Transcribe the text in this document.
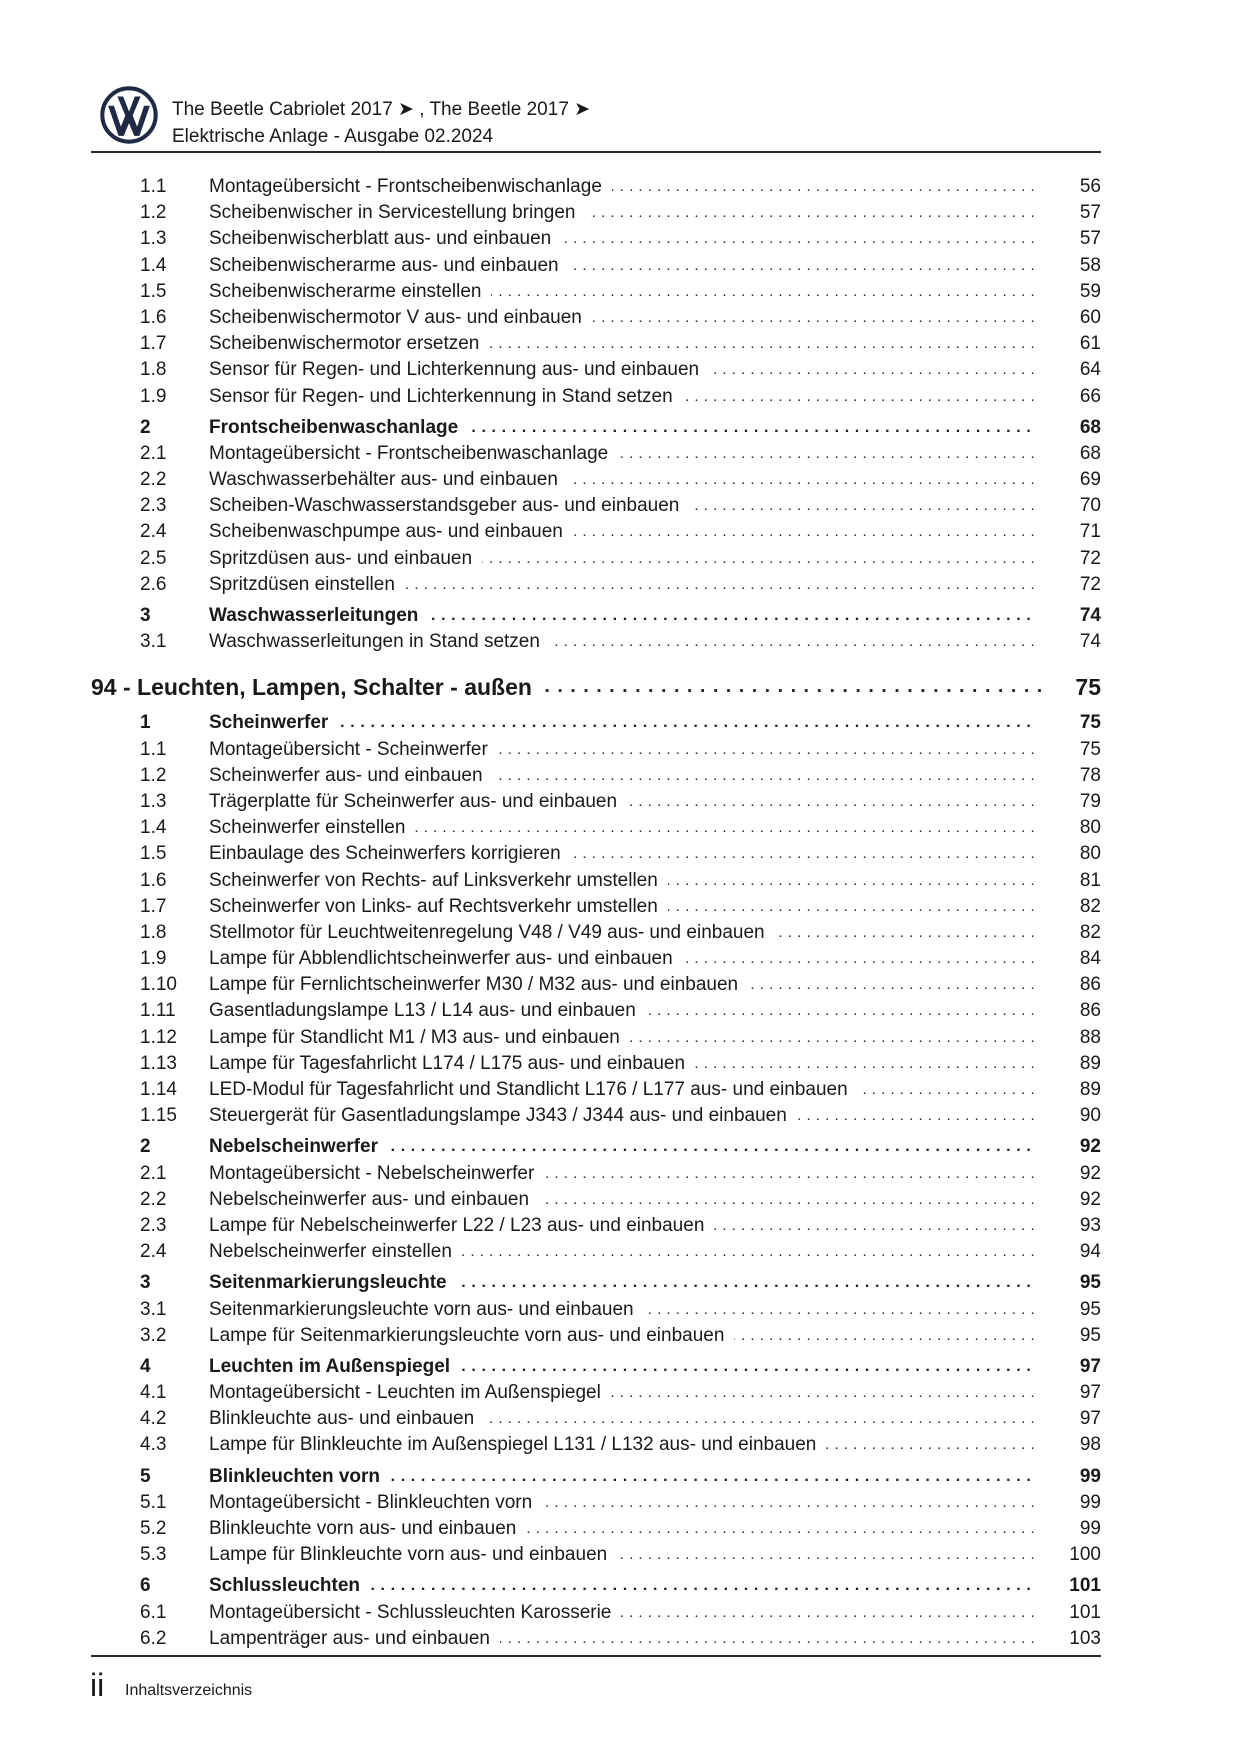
The Beetle Cabriolet 2017 ➤ , The Beetle 2017 ➤
Elektrische Anlage - Ausgabe 02.2024
1.1 Montageübersicht - Frontscheibenwischanlage . . .	56
1.2 Scheibenwischer in Servicestellung bringen . . .	57
1.3 Scheibenwischerblatt aus- und einbauen . . .	57
1.4 Scheibenwischerarme aus- und einbauen . . .	58
1.5 Scheibenwischerarme einstellen . . .	59
1.6 Scheibenwischermotor V aus- und einbauen . . .	60
1.7 Scheibenwischermotor ersetzen . . .	61
1.8 Sensor für Regen- und Lichterkennung aus- und einbauen . . .	64
1.9 Sensor für Regen- und Lichterkennung in Stand setzen . . .	66
2	Frontscheibenwaschanlage . . .	68
2.1 Montageübersicht - Frontscheibenwaschanlage . . .	68
2.2 Waschwasserbehälter aus- und einbauen . . .	69
2.3 Scheiben-Waschwasserstandsgeber aus- und einbauen . . .	70
2.4 Scheibenwaschpumpe aus- und einbauen . . .	71
2.5 Spritzdüsen aus- und einbauen . . .	72
2.6 Spritzdüsen einstellen . . .	72
3	Waschwasserleitungen . . .	74
3.1 Waschwasserleitungen in Stand setzen . . .	74
94 - Leuchten, Lampen, Schalter - außen . . .	75
1	Scheinwerfer . . .	75
1.1 Montageübersicht - Scheinwerfer . . .	75
1.2 Scheinwerfer aus- und einbauen . . .	78
1.3 Trägerplatte für Scheinwerfer aus- und einbauen . . .	79
1.4 Scheinwerfer einstellen . . .	80
1.5 Einbaulage des Scheinwerfers korrigieren . . .	80
1.6 Scheinwerfer von Rechts- auf Linksverkehr umstellen . . .	81
1.7 Scheinwerfer von Links- auf Rechtsverkehr umstellen . . .	82
1.8 Stellmotor für Leuchtweitenregelung V48 / V49 aus- und einbauen . . .	82
1.9 Lampe für Abblendlichtscheinwerfer aus- und einbauen . . .	84
1.10 Lampe für Fernlichtscheinwerfer M30 / M32 aus- und einbauen . . .	86
1.11 Gasentladungslampe L13 / L14 aus- und einbauen . . .	86
1.12 Lampe für Standlicht M1 / M3 aus- und einbauen . . .	88
1.13 Lampe für Tagesfahrlicht L174 / L175 aus- und einbauen . . .	89
1.14 LED-Modul für Tagesfahrlicht und Standlicht L176 / L177 aus- und einbauen . . .	89
1.15 Steuergerät für Gasentladungslampe J343 / J344 aus- und einbauen . . .	90
2	Nebelscheinwerfer . . .	92
2.1 Montageübersicht - Nebelscheinwerfer . . .	92
2.2 Nebelscheinwerfer aus- und einbauen . . .	92
2.3 Lampe für Nebelscheinwerfer L22 / L23 aus- und einbauen . . .	93
2.4 Nebelscheinwerfer einstellen . . .	94
3	Seitenmarkierungsleuchte . . .	95
3.1 Seitenmarkierungsleuchte vorn aus- und einbauen . . .	95
3.2 Lampe für Seitenmarkierungsleuchte vorn aus- und einbauen . . .	95
4	Leuchten im Außenspiegel . . .	97
4.1 Montageübersicht - Leuchten im Außenspiegel . . .	97
4.2 Blinkleuchte aus- und einbauen . . .	97
4.3 Lampe für Blinkleuchte im Außenspiegel L131 / L132 aus- und einbauen . . .	98
5	Blinkleuchten vorn . . .	99
5.1 Montageübersicht - Blinkleuchten vorn . . .	99
5.2 Blinkleuchte vorn aus- und einbauen . . .	99
5.3 Lampe für Blinkleuchte vorn aus- und einbauen . . .	100
6	Schlussleuchten . . .	101
6.1 Montageübersicht - Schlussleuchten Karosserie . . .	101
6.2 Lampenträger aus- und einbauen . . .	103
ii Inhaltsverzeichnis
